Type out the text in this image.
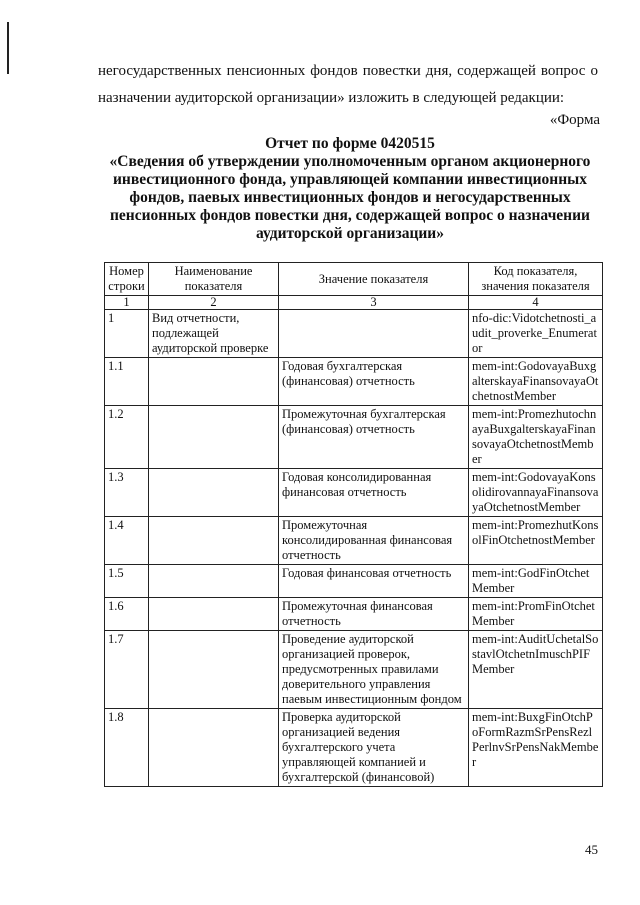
негосударственных пенсионных фондов повестки дня, содержащей вопрос о

назначении аудиторской организации» изложить в следующей редакции:

«Форма

Отчет по форме 0420515

«Сведения об утверждении уполномоченным органом акционерного инвестиционного фонда, управляющей компании инвестиционных фондов, паевых инвестиционных фондов и негосударственных пенсионных фондов повестки дня, содержащей вопрос о назначении аудиторской организации»

Номер строки	Наименование показателя	Значение показателя	Код показателя, значения показателя
1	2	3	4
1	Вид отчетности, подлежащей аудиторской проверке		nfo-dic:Vidotchetnosti_audit_proverke_Enumerator
1.1		Годовая бухгалтерская (финансовая) отчетность	mem-int:GodovayaBuxgalterskayaFinansovayaOtchetnostMember
1.2		Промежуточная бухгалтерская (финансовая) отчетность	mem-int:PromezhutochnayaBuxgalterskayaFinansovayaOtchetnostMember
1.3		Годовая консолидированная финансовая отчетность	mem-int:GodovayaKonsolidirovannayaFinansovayaOtchetnostMember
1.4		Промежуточная консолидированная финансовая отчетность	mem-int:PromezhutKonsolFinOtchetnostMember
1.5		Годовая финансовая отчетность	mem-int:GodFinOtchetMember
1.6		Промежуточная финансовая отчетность	mem-int:PromFinOtchetMember
1.7		Проведение аудиторской организацией проверок, предусмотренных правилами доверительного управления паевым инвестиционным фондом	mem-int:AuditUchetalSostavlOtchetnImuschPIFMember
1.8		Проверка аудиторской организацией ведения бухгалтерского учета управляющей компанией и бухгалтерской (финансовой)	mem-int:BuxgFinOtchPoFormRazmSrPensRezlPerlnvSrPensNakMember

45
